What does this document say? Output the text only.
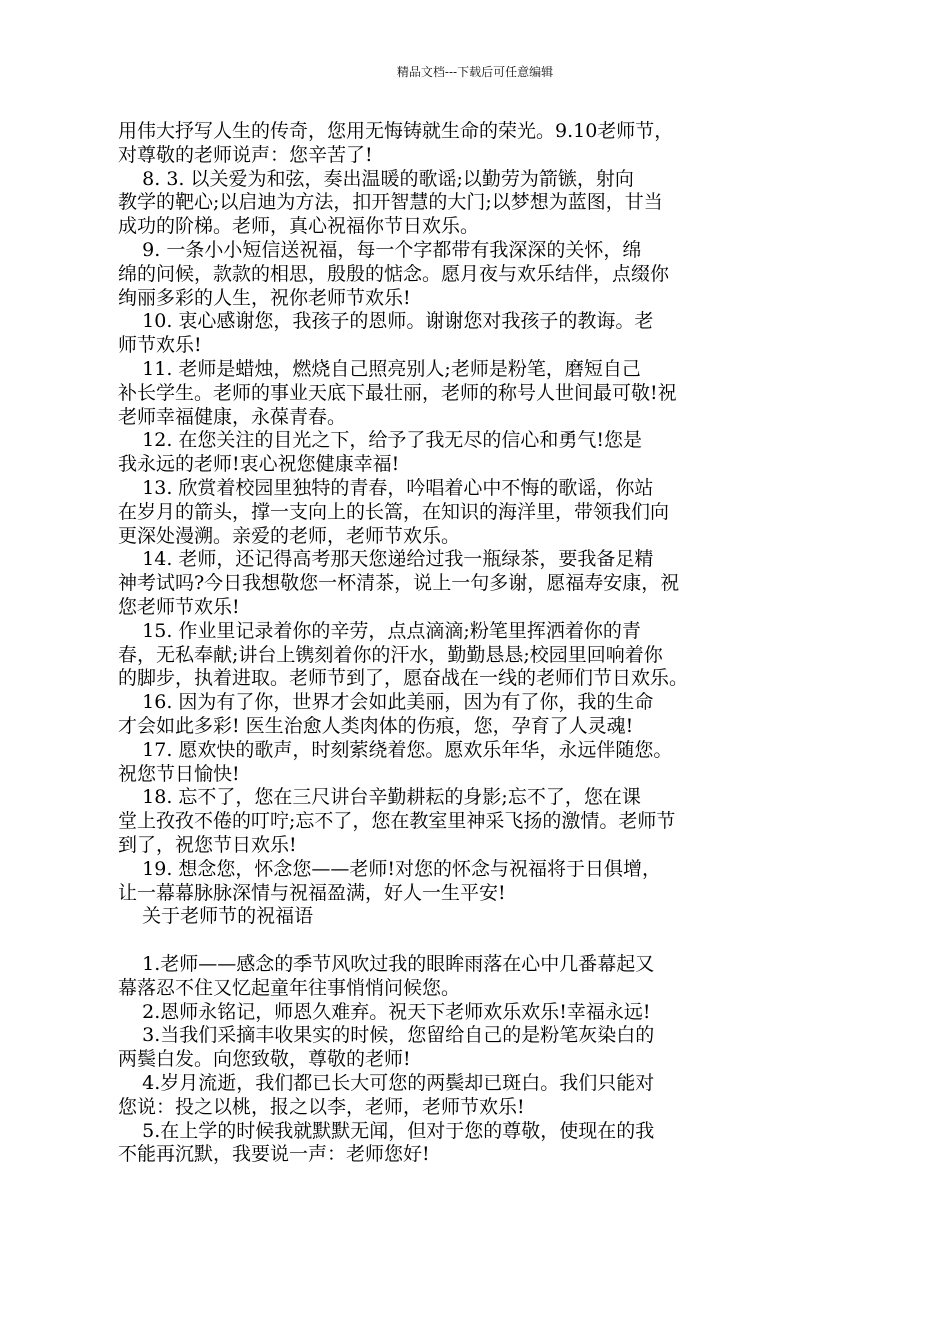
精品文档---下载后可任意编辑

用伟大抒写人生的传奇，您用无悔铸就生命的荣光。9.10老师节，

对尊敬的老师说声：您辛苦了!

8. 3. 以关爱为和弦，奏出温暖的歌谣;以勤劳为箭镞，射向

教学的靶心;以启迪为方法，扣开智慧的大门;以梦想为蓝图，甘当

成功的阶梯。老师，真心祝福你节日欢乐。

9. 一条小小短信送祝福，每一个字都带有我深深的关怀，绵

绵的问候，款款的相思，殷殷的惦念。愿月夜与欢乐结伴，点缀你

绚丽多彩的人生，祝你老师节欢乐!

10. 衷心感谢您，我孩子的恩师。谢谢您对我孩子的教诲。老

师节欢乐!

11. 老师是蜡烛，燃烧自己照亮别人;老师是粉笔，磨短自己

补长学生。老师的事业天底下最壮丽，老师的称号人世间最可敬!祝

老师幸福健康，永葆青春。

12. 在您关注的目光之下，给予了我无尽的信心和勇气!您是

我永远的老师!衷心祝您健康幸福!

13. 欣赏着校园里独特的青春，吟唱着心中不悔的歌谣，你站

在岁月的箭头，撑一支向上的长篙，在知识的海洋里，带领我们向

更深处漫溯。亲爱的老师，老师节欢乐。

14. 老师，还记得高考那天您递给过我一瓶绿茶，要我备足精

神考试吗?今日我想敬您一杯清茶，说上一句多谢，愿福寿安康，祝

您老师节欢乐!

15. 作业里记录着你的辛劳，点点滴滴;粉笔里挥洒着你的青

春，无私奉献;讲台上镌刻着你的汗水，勤勤恳恳;校园里回响着你

的脚步，执着进取。老师节到了，愿奋战在一线的老师们节日欢乐。

16. 因为有了你，世界才会如此美丽，因为有了你，我的生命

才会如此多彩! 医生治愈人类肉体的伤痕，您，孕育了人灵魂!

17. 愿欢快的歌声，时刻萦绕着您。愿欢乐年华，永远伴随您。

祝您节日愉快!

18. 忘不了，您在三尺讲台辛勤耕耘的身影;忘不了，您在课

堂上孜孜不倦的叮咛;忘不了，您在教室里神采飞扬的激情。老师节

到了，祝您节日欢乐!

19. 想念您，怀念您——老师!对您的怀念与祝福将于日俱增，

让一幕幕脉脉深情与祝福盈满，好人一生平安!

关于老师节的祝福语

1.老师——感念的季节风吹过我的眼眸雨落在心中几番幕起又

幕落忍不住又忆起童年往事悄悄问候您。

2.恩师永铭记，师恩久难弃。祝天下老师欢乐欢乐!幸福永远!

3.当我们采摘丰收果实的时候，您留给自己的是粉笔灰染白的

两鬓白发。向您致敬，尊敬的老师!

4.岁月流逝，我们都已长大可您的两鬓却已斑白。我们只能对

您说：投之以桃，报之以李，老师，老师节欢乐!

5.在上学的时候我就默默无闻，但对于您的尊敬，使现在的我

不能再沉默，我要说一声：老师您好!
